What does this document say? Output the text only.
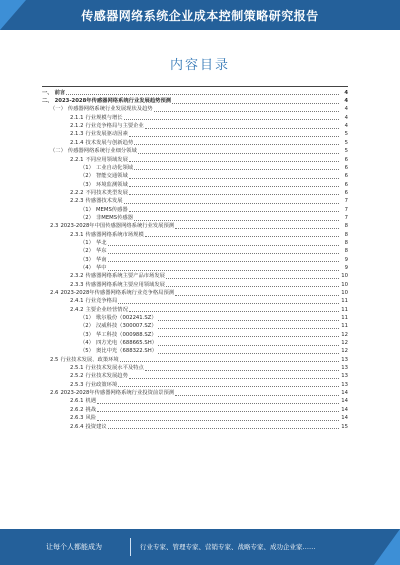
传感器网络系统企业成本控制策略研究报告
内容目录
一、 前言	4
二、 2023-2028年传感器网络系统行业发展趋势预测	4
（一） 传感器网络系统行业发展现状及趋势	4
2.1.1 行业规模与增长	4
2.1.2 行业竞争格局与主要企业	4
2.1.3 行业发展驱动因素	5
2.1.4 技术发展与创新趋势	5
（二） 传感器网络系统行业细分领域	5
2.2.1 不同应用领域发展	6
（1） 工业自动化领域	6
（2） 智能交通领域	6
（3） 环境监测领域	6
2.2.2 不同技术类型发展	6
2.2.3 传感器技术发展	7
（1） MEMS传感器	7
（2） 非MEMS传感器	7
2.3 2023-2028年中国传感器网络系统行业发展预测	8
2.3.1 传感器网络系统市场规模	8
（1） 华北	8
（2） 华东	8
（3） 华南	9
（4） 华中	9
2.3.2 传感器网络系统主要产品市场发展	10
2.3.3 传感器网络系统主要应用领域发展	10
2.4 2023-2028年传感器网络系统行业竞争格局预测	10
2.4.1 行业竞争格局	11
2.4.2 主要企业经营情况	11
（1） 歌尔股份（002241.SZ）	11
（2） 汉威科技（300007.SZ）	11
（3） 华工科技（000988.SZ）	12
（4） 四方光电（688665.SH）	12
（5） 奥比中光（688322.SH）	12
2.5 行业技术发展、政策环境	13
2.5.1 行业技术发展水平及特点	13
2.5.2 行业技术发展趋势	13
2.5.3 行业政策环境	13
2.6 2023-2028年传感器网络系统行业投资前景预测	14
2.6.1 机遇	14
2.6.2 挑战	14
2.6.3 风险	14
2.6.4 投资建议	15
让每个人都能成为	行业专家、管理专家、营销专家、战略专家、成功企业家……
